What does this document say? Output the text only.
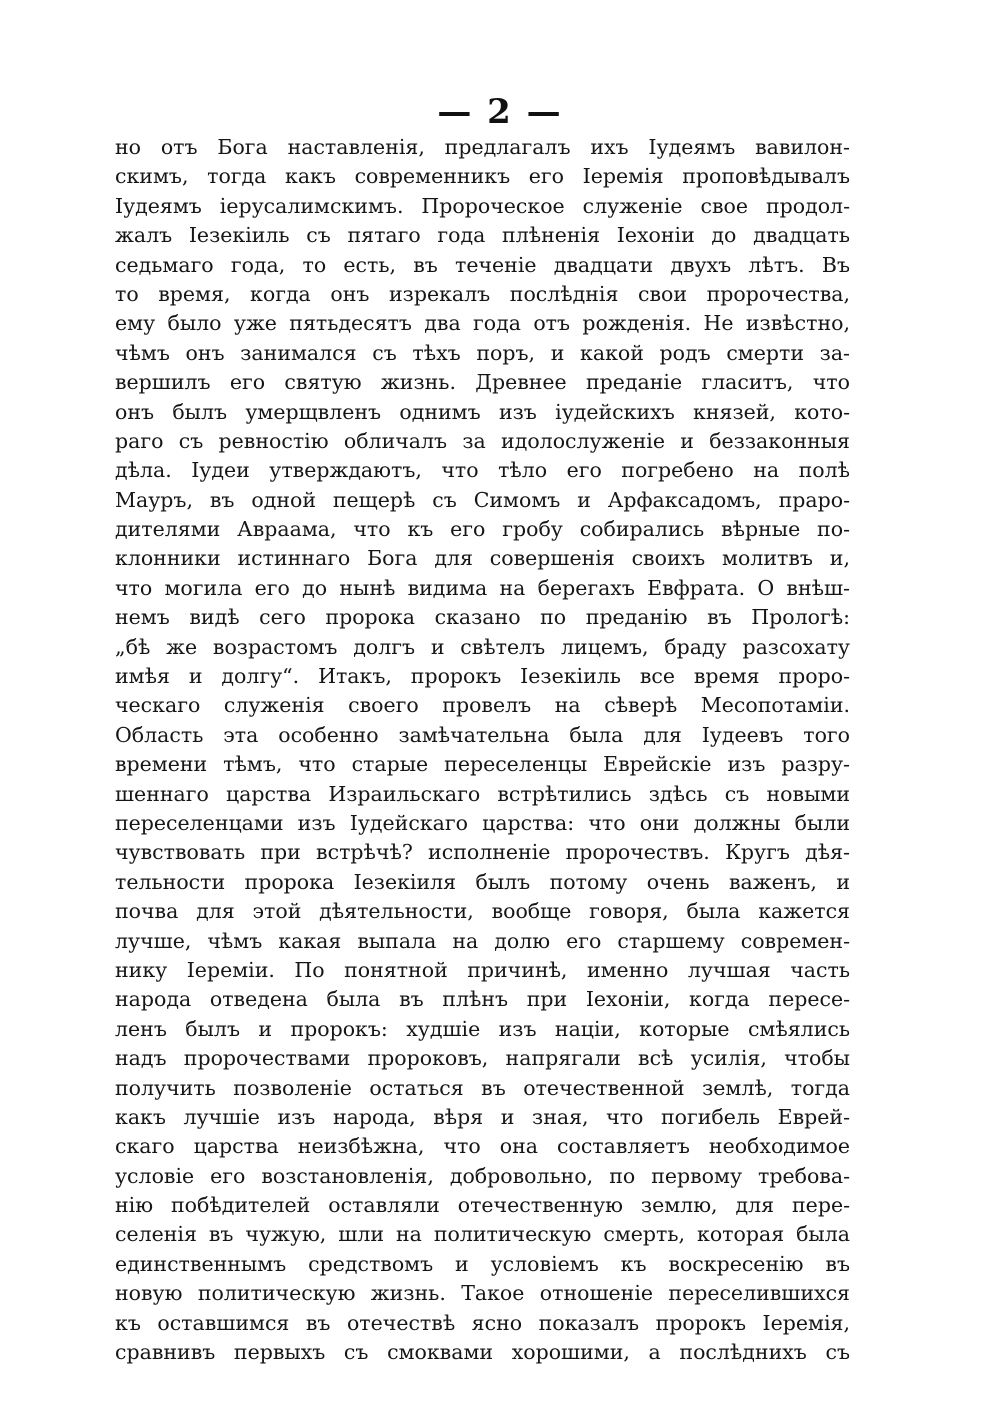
— 2 —
но отъ Бога наставленія, предлагалъ ихъ Іудеямъ вавилон-
скимъ, тогда какъ современникъ его Іеремія проповѣдывалъ
Іудеямъ іерусалимскимъ. Пророческое служеніе свое продол-
жалъ Іезекіиль съ пятаго года плѣненія Іехоніи до двадцать
седьмаго года, то есть, въ теченіе двадцати двухъ лѣтъ. Въ
то время, когда онъ изрекалъ послѣднія свои пророчества,
ему было уже пятьдесятъ два года отъ рожденія. Не извѣстно,
чѣмъ онъ занимался съ тѣхъ поръ, и какой родъ смерти за-
вершилъ его святую жизнь. Древнее преданіе гласитъ, что
онъ былъ умерщвленъ однимъ изъ іудейскихъ князей, кото-
раго съ ревностію обличалъ за идолослуженіе и беззаконныя
дѣла. Іудеи утверждаютъ, что тѣло его погребено на полѣ
Мауръ, въ одной пещерѣ съ Симомъ и Арфаксадомъ, праро-
дителями Авраама, что къ его гробу собирались вѣрные по-
клонники истиннаго Бога для совершенія своихъ молитвъ и,
что могила его до нынѣ видима на берегахъ Евфрата. О внѣш-
немъ видѣ сего пророка сказано по преданію въ Прологѣ:
„бѣ же возрастомъ долгъ и свѣтелъ лицемъ, браду разсохату
имѣя и долгу“. Итакъ, пророкъ Іезекіиль все время проро-
ческаго служенія своего провелъ на сѣверѣ Месопотаміи.
Область эта особенно замѣчательна была для Іудеевъ того
времени тѣмъ, что старые переселенцы Еврейскіе изъ разру-
шеннаго царства Израильскаго встрѣтились здѣсь съ новыми
переселенцами изъ Іудейскаго царства: что они должны были
чувствовать при встрѣчѣ? исполненіе пророчествъ. Кругъ дѣя-
тельности пророка Іезекіиля былъ потому очень важенъ, и
почва для этой дѣятельности, вообще говоря, была кажется
лучше, чѣмъ какая выпала на долю его старшему современ-
нику Іереміи. По понятной причинѣ, именно лучшая часть
народа отведена была въ плѣнъ при Іехоніи, когда пересе-
ленъ былъ и пророкъ: худшіе изъ націи, которые смѣялись
надъ пророчествами пророковъ, напрягали всѣ усилія, чтобы
получить позволеніе остаться въ отечественной землѣ, тогда
какъ лучшіе изъ народа, вѣря и зная, что погибель Еврей-
скаго царства неизбѣжна, что она составляетъ необходимое
условіе его возстановленія, добровольно, по первому требова-
нію побѣдителей оставляли отечественную землю, для пере-
селенія въ чужую, шли на политическую смерть, которая была
единственнымъ средствомъ и условіемъ къ воскресенію въ
новую политическую жизнь. Такое отношеніе переселившихся
къ оставшимся въ отечествѣ ясно показалъ пророкъ Іеремія,
сравнивъ первыхъ съ смоквами хорошими, а послѣднихъ съ
